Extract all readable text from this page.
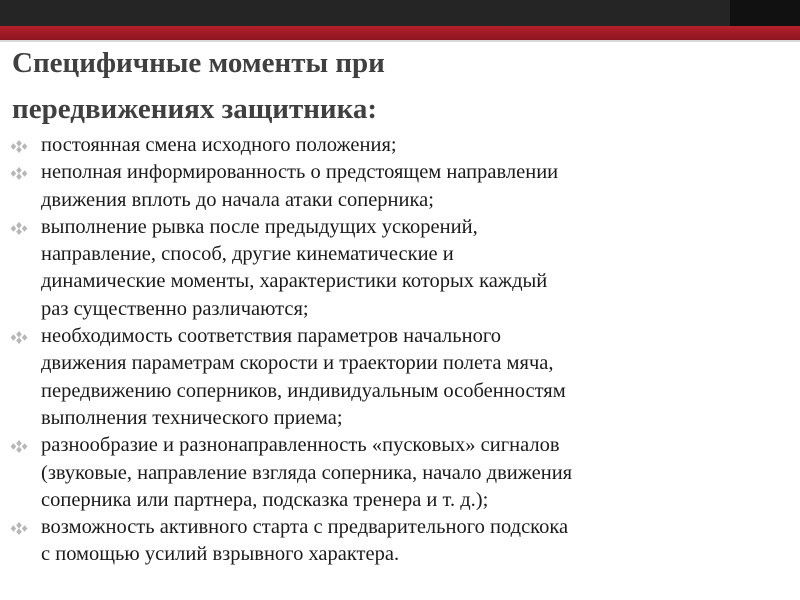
Специфичные моменты при
передвижениях защитника:
постоянная смена исходного положения;
неполная информированность о предстоящем направлении
движения вплоть до начала атаки соперника;
выполнение рывка после предыдущих ускорений,
направление, способ, другие кинематические и
динамические моменты, характеристики которых каждый
раз существенно различаются;
необходимость соответствия параметров начального
движения параметрам скорости и траектории полета мяча,
передвижению соперников, индивидуальным особенностям
выполнения технического приема;
разнообразие и разнонаправленность «пусковых» сигналов
(звуковые, направление взгляда соперника, начало движения
соперника или партнера, подсказка тренера и т. д.);
возможность активного старта с предварительного подскока
с помощью усилий взрывного характера.
